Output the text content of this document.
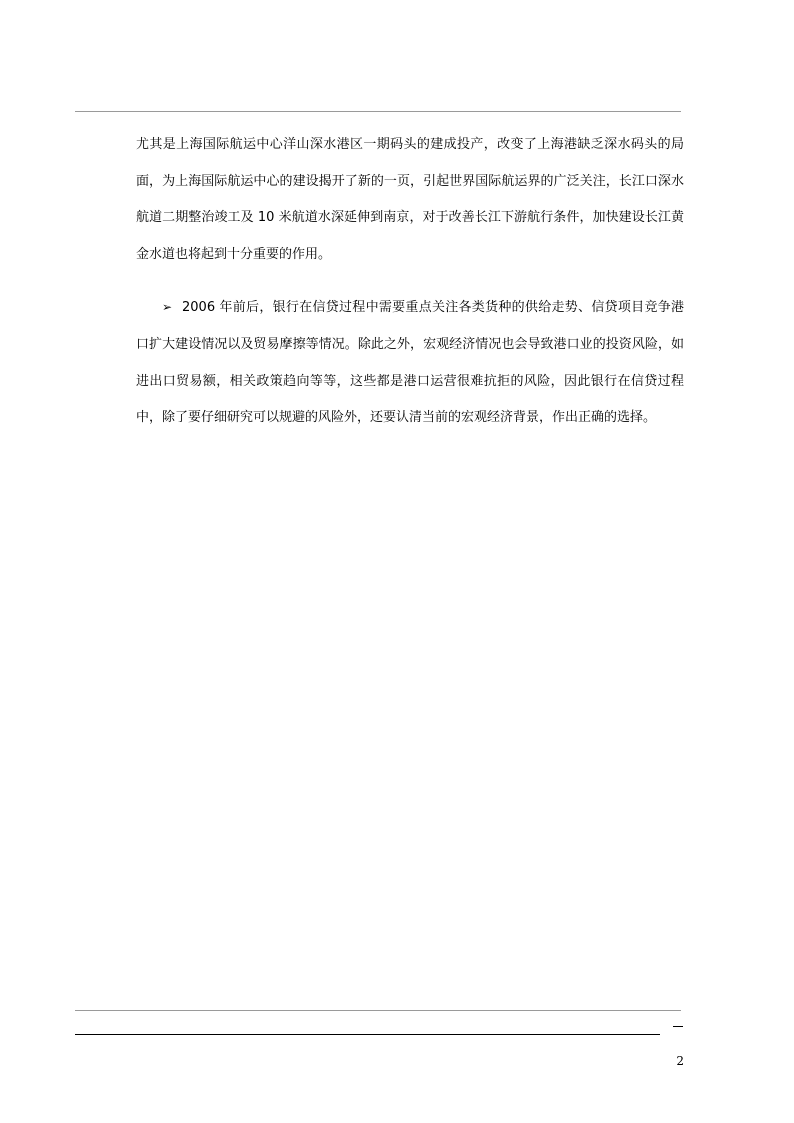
尤其是上海国际航运中心洋山深水港区一期码头的建成投产，改变了上海港缺乏深水码头的局面，为上海国际航运中心的建设揭开了新的一页，引起世界国际航运界的广泛关注，长江口深水航道二期整治竣工及 10 米航道水深延伸到南京，对于改善长江下游航行条件，加快建设长江黄金水道也将起到十分重要的作用。

➢ 2006 年前后，银行在信贷过程中需要重点关注各类货种的供给走势、信贷项目竞争港口扩大建设情况以及贸易摩擦等情况。除此之外，宏观经济情况也会导致港口业的投资风险，如进出口贸易额，相关政策趋向等等，这些都是港口运营很难抗拒的风险，因此银行在信贷过程中，除了要仔细研究可以规避的风险外，还要认清当前的宏观经济背景，作出正确的选择。

2
